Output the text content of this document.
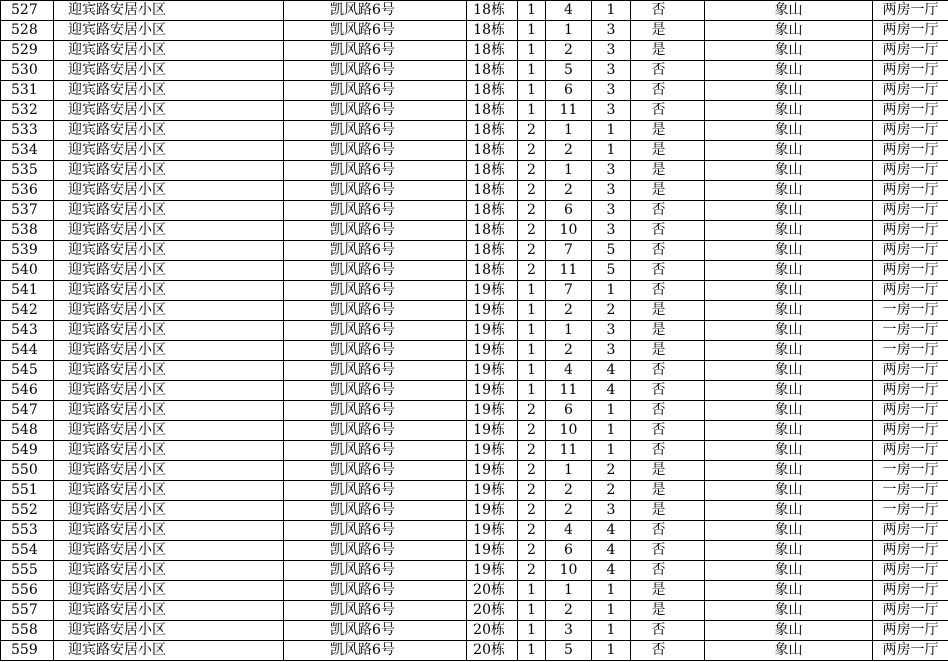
527	迎宾路安居小区	凯风路6号	18栋	1	4	1	否	象山	两房一厅
528	迎宾路安居小区	凯风路6号	18栋	1	1	3	是	象山	两房一厅
529	迎宾路安居小区	凯风路6号	18栋	1	2	3	是	象山	两房一厅
530	迎宾路安居小区	凯风路6号	18栋	1	5	3	否	象山	两房一厅
531	迎宾路安居小区	凯风路6号	18栋	1	6	3	否	象山	两房一厅
532	迎宾路安居小区	凯风路6号	18栋	1	11	3	否	象山	两房一厅
533	迎宾路安居小区	凯风路6号	18栋	2	1	1	是	象山	两房一厅
534	迎宾路安居小区	凯风路6号	18栋	2	2	1	是	象山	两房一厅
535	迎宾路安居小区	凯风路6号	18栋	2	1	3	是	象山	两房一厅
536	迎宾路安居小区	凯风路6号	18栋	2	2	3	是	象山	两房一厅
537	迎宾路安居小区	凯风路6号	18栋	2	6	3	否	象山	两房一厅
538	迎宾路安居小区	凯风路6号	18栋	2	10	3	否	象山	两房一厅
539	迎宾路安居小区	凯风路6号	18栋	2	7	5	否	象山	两房一厅
540	迎宾路安居小区	凯风路6号	18栋	2	11	5	否	象山	两房一厅
541	迎宾路安居小区	凯风路6号	19栋	1	7	1	否	象山	两房一厅
542	迎宾路安居小区	凯风路6号	19栋	1	2	2	是	象山	一房一厅
543	迎宾路安居小区	凯风路6号	19栋	1	1	3	是	象山	一房一厅
544	迎宾路安居小区	凯风路6号	19栋	1	2	3	是	象山	一房一厅
545	迎宾路安居小区	凯风路6号	19栋	1	4	4	否	象山	两房一厅
546	迎宾路安居小区	凯风路6号	19栋	1	11	4	否	象山	两房一厅
547	迎宾路安居小区	凯风路6号	19栋	2	6	1	否	象山	两房一厅
548	迎宾路安居小区	凯风路6号	19栋	2	10	1	否	象山	两房一厅
549	迎宾路安居小区	凯风路6号	19栋	2	11	1	否	象山	两房一厅
550	迎宾路安居小区	凯风路6号	19栋	2	1	2	是	象山	一房一厅
551	迎宾路安居小区	凯风路6号	19栋	2	2	2	是	象山	一房一厅
552	迎宾路安居小区	凯风路6号	19栋	2	2	3	是	象山	一房一厅
553	迎宾路安居小区	凯风路6号	19栋	2	4	4	否	象山	两房一厅
554	迎宾路安居小区	凯风路6号	19栋	2	6	4	否	象山	两房一厅
555	迎宾路安居小区	凯风路6号	19栋	2	10	4	否	象山	两房一厅
556	迎宾路安居小区	凯风路6号	20栋	1	1	1	是	象山	两房一厅
557	迎宾路安居小区	凯风路6号	20栋	1	2	1	是	象山	两房一厅
558	迎宾路安居小区	凯风路6号	20栋	1	3	1	否	象山	两房一厅
559	迎宾路安居小区	凯风路6号	20栋	1	5	1	否	象山	两房一厅
